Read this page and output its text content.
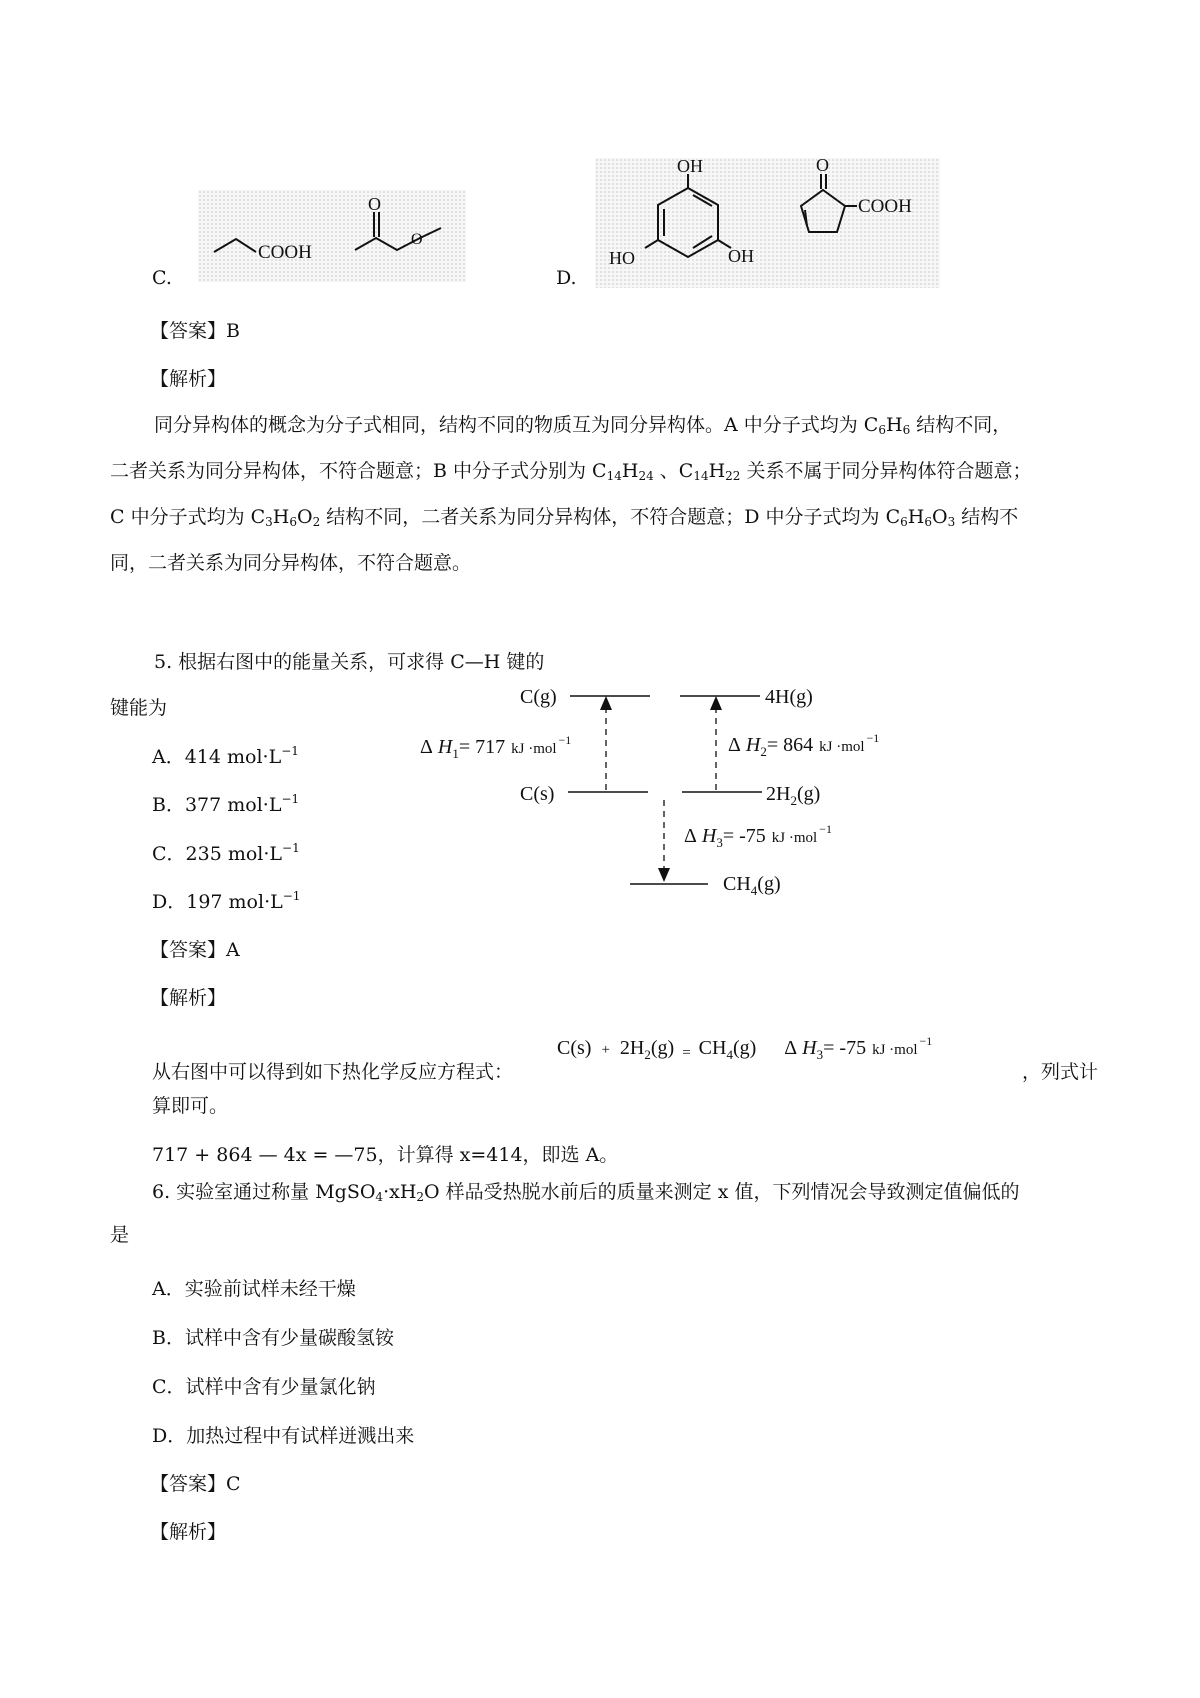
COOH
O
O
C.
OH
HO	OH
O
COOH
D.
【答案】B
【解析】

同分异构体的概念为分子式相同，结构不同的物质互为同分异构体。A 中分子式均为 $C_6H_6$ 结构不同，

二者关系为同分异构体，不符合题意；B 中分子式分别为 $C_{14}H_{24}$ 、$C_{14}H_{22}$ 关系不属于同分异构体符合题意；

C 中分子式均为 $C_3H_6O_2$ 结构不同，二者关系为同分异构体，不符合题意；D 中分子式均为 $C_6H_6O_3$ 结构不

同，二者关系为同分异构体，不符合题意。

5. 根据右图中的能量关系，可求得 C—H 键的
键能为
A．414 $mol\cdot L^{-1}$
B．377 $mol\cdot L^{-1}$
C．235 $mol\cdot L^{-1}$
D．197 $mol\cdot L^{-1}$
C(g)	4H(g)
C(s)	$2H_2(g)$
$CH_4(g)$
Δ $H_1= 717$ kJ ·mol$^{-1}$	Δ $H_2= 864$ kJ ·mol$^{-1}$
Δ $H_3= -75$ kJ ·mol$^{-1}$
【答案】A
【解析】
从右图中可以得到如下热化学反应方程式：
$C(s) + 2H_2(g) = CH_4(g)$ Δ $H_3= -75$ kJ ·mol$^{-1}$
，列式计
算即可。
717 + 864 — 4x = —75，计算得 x=414，即选 A。
6. 实验室通过称量 $MgSO_4\cdot xH_2O$ 样品受热脱水前后的质量来测定 x 值，下列情况会导致测定值偏低的
是
A．实验前试样未经干燥
B．试样中含有少量碳酸氢铵
C．试样中含有少量氯化钠
D．加热过程中有试样迸溅出来
【答案】C
【解析】
